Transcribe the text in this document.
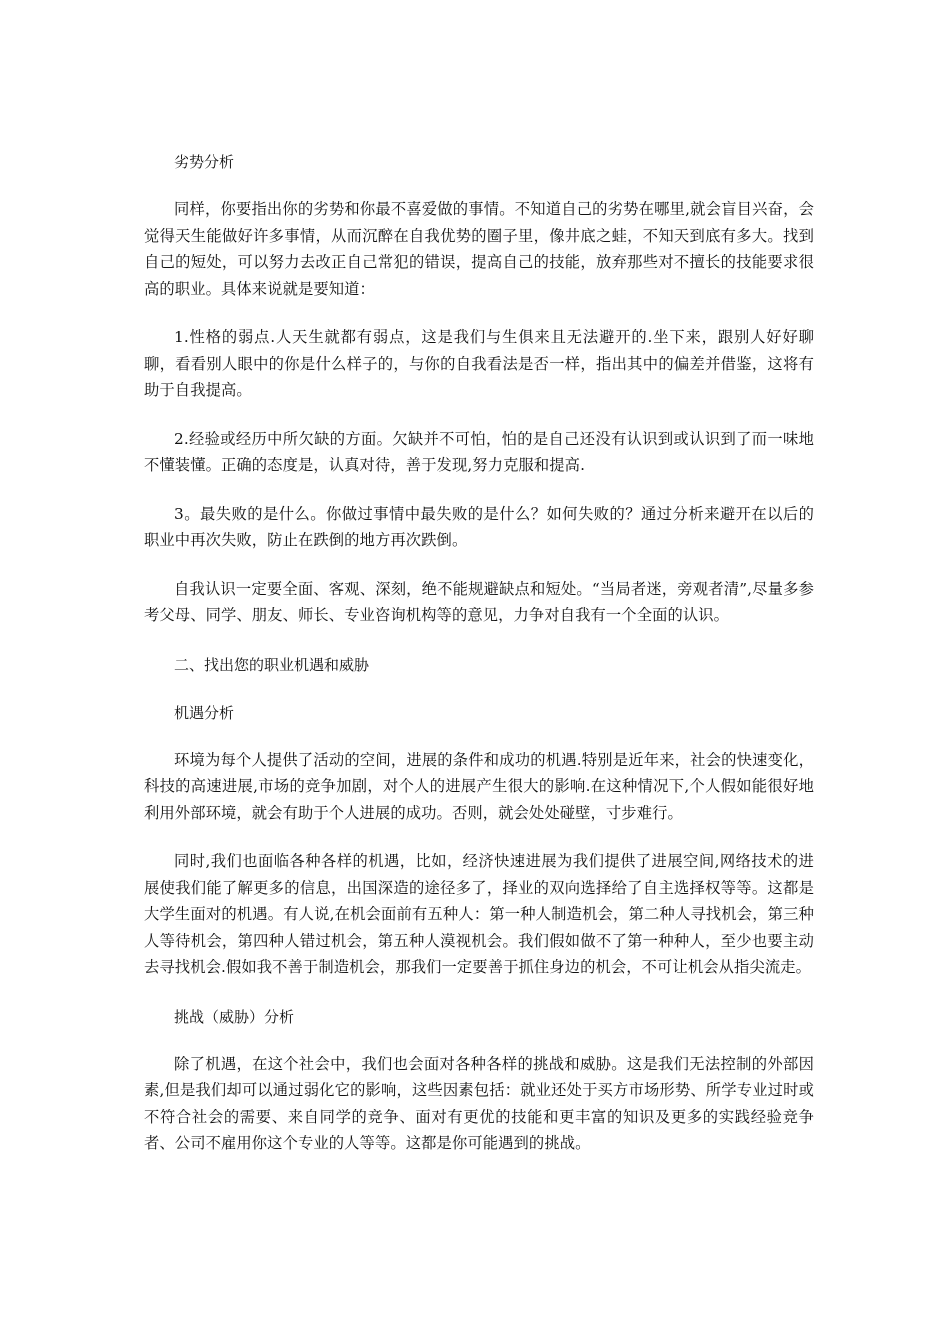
劣势分析

同样，你要指出你的劣势和你最不喜爱做的事情。不知道自己的劣势在哪里,就会盲目兴奋，会觉得天生能做好许多事情，从而沉醉在自我优势的圈子里，像井底之蛙，不知天到底有多大。找到自己的短处，可以努力去改正自己常犯的错误，提高自己的技能，放弃那些对不擅长的技能要求很高的职业。具体来说就是要知道：

1.性格的弱点.人天生就都有弱点，这是我们与生俱来且无法避开的.坐下来，跟别人好好聊聊，看看别人眼中的你是什么样子的，与你的自我看法是否一样，指出其中的偏差并借鉴，这将有助于自我提高。

2.经验或经历中所欠缺的方面。欠缺并不可怕，怕的是自己还没有认识到或认识到了而一味地不懂装懂。正确的态度是，认真对待，善于发现,努力克服和提高.

3。最失败的是什么。你做过事情中最失败的是什么？如何失败的？通过分析来避开在以后的职业中再次失败，防止在跌倒的地方再次跌倒。

自我认识一定要全面、客观、深刻，绝不能规避缺点和短处。“当局者迷，旁观者清”,尽量多参考父母、同学、朋友、师长、专业咨询机构等的意见，力争对自我有一个全面的认识。

二、找出您的职业机遇和威胁

机遇分析

环境为每个人提供了活动的空间，进展的条件和成功的机遇.特别是近年来，社会的快速变化，科技的高速进展,市场的竞争加剧，对个人的进展产生很大的影响.在这种情况下,个人假如能很好地利用外部环境，就会有助于个人进展的成功。否则，就会处处碰壁，寸步难行。

同时,我们也面临各种各样的机遇，比如，经济快速进展为我们提供了进展空间,网络技术的进展使我们能了解更多的信息，出国深造的途径多了，择业的双向选择给了自主选择权等等。这都是大学生面对的机遇。有人说,在机会面前有五种人：第一种人制造机会，第二种人寻找机会，第三种人等待机会，第四种人错过机会，第五种人漠视机会。我们假如做不了第一种种人，至少也要主动去寻找机会.假如我不善于制造机会，那我们一定要善于抓住身边的机会，不可让机会从指尖流走。

挑战（威胁）分析

除了机遇，在这个社会中，我们也会面对各种各样的挑战和威胁。这是我们无法控制的外部因素,但是我们却可以通过弱化它的影响，这些因素包括：就业还处于买方市场形势、所学专业过时或不符合社会的需要、来自同学的竞争、面对有更优的技能和更丰富的知识及更多的实践经验竞争者、公司不雇用你这个专业的人等等。这都是你可能遇到的挑战。
